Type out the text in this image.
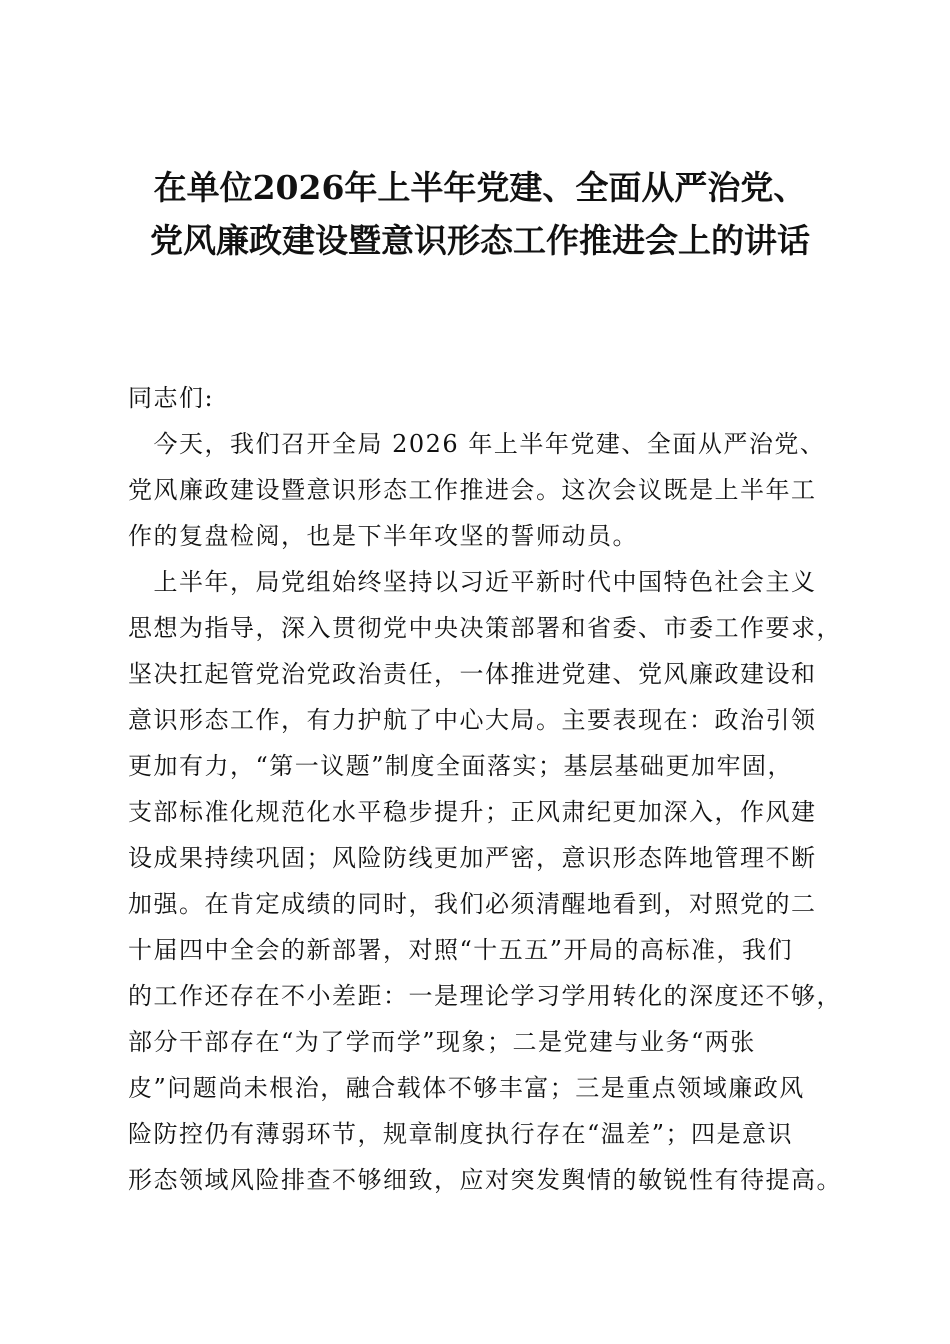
在单位2026年上半年党建、全面从严治党、
党风廉政建设暨意识形态工作推进会上的讲话
同志们:
　今天，我们召开全局 2026 年上半年党建、全面从严治党、
党风廉政建设暨意识形态工作推进会。这次会议既是上半年工
作的复盘检阅，也是下半年攻坚的誓师动员。
　上半年，局党组始终坚持以习近平新时代中国特色社会主义
思想为指导，深入贯彻党中央决策部署和省委、市委工作要求，
坚决扛起管党治党政治责任，一体推进党建、党风廉政建设和
意识形态工作，有力护航了中心大局。主要表现在：政治引领
更加有力，“第一议题”制度全面落实；基层基础更加牢固，
支部标准化规范化水平稳步提升；正风肃纪更加深入，作风建
设成果持续巩固；风险防线更加严密，意识形态阵地管理不断
加强。在肯定成绩的同时，我们必须清醒地看到，对照党的二
十届四中全会的新部署，对照“十五五”开局的高标准，我们
的工作还存在不小差距：一是理论学习学用转化的深度还不够，
部分干部存在“为了学而学”现象；二是党建与业务“两张
皮”问题尚未根治，融合载体不够丰富；三是重点领域廉政风
险防控仍有薄弱环节，规章制度执行存在“温差”；四是意识
形态领域风险排查不够细致，应对突发舆情的敏锐性有待提高。
